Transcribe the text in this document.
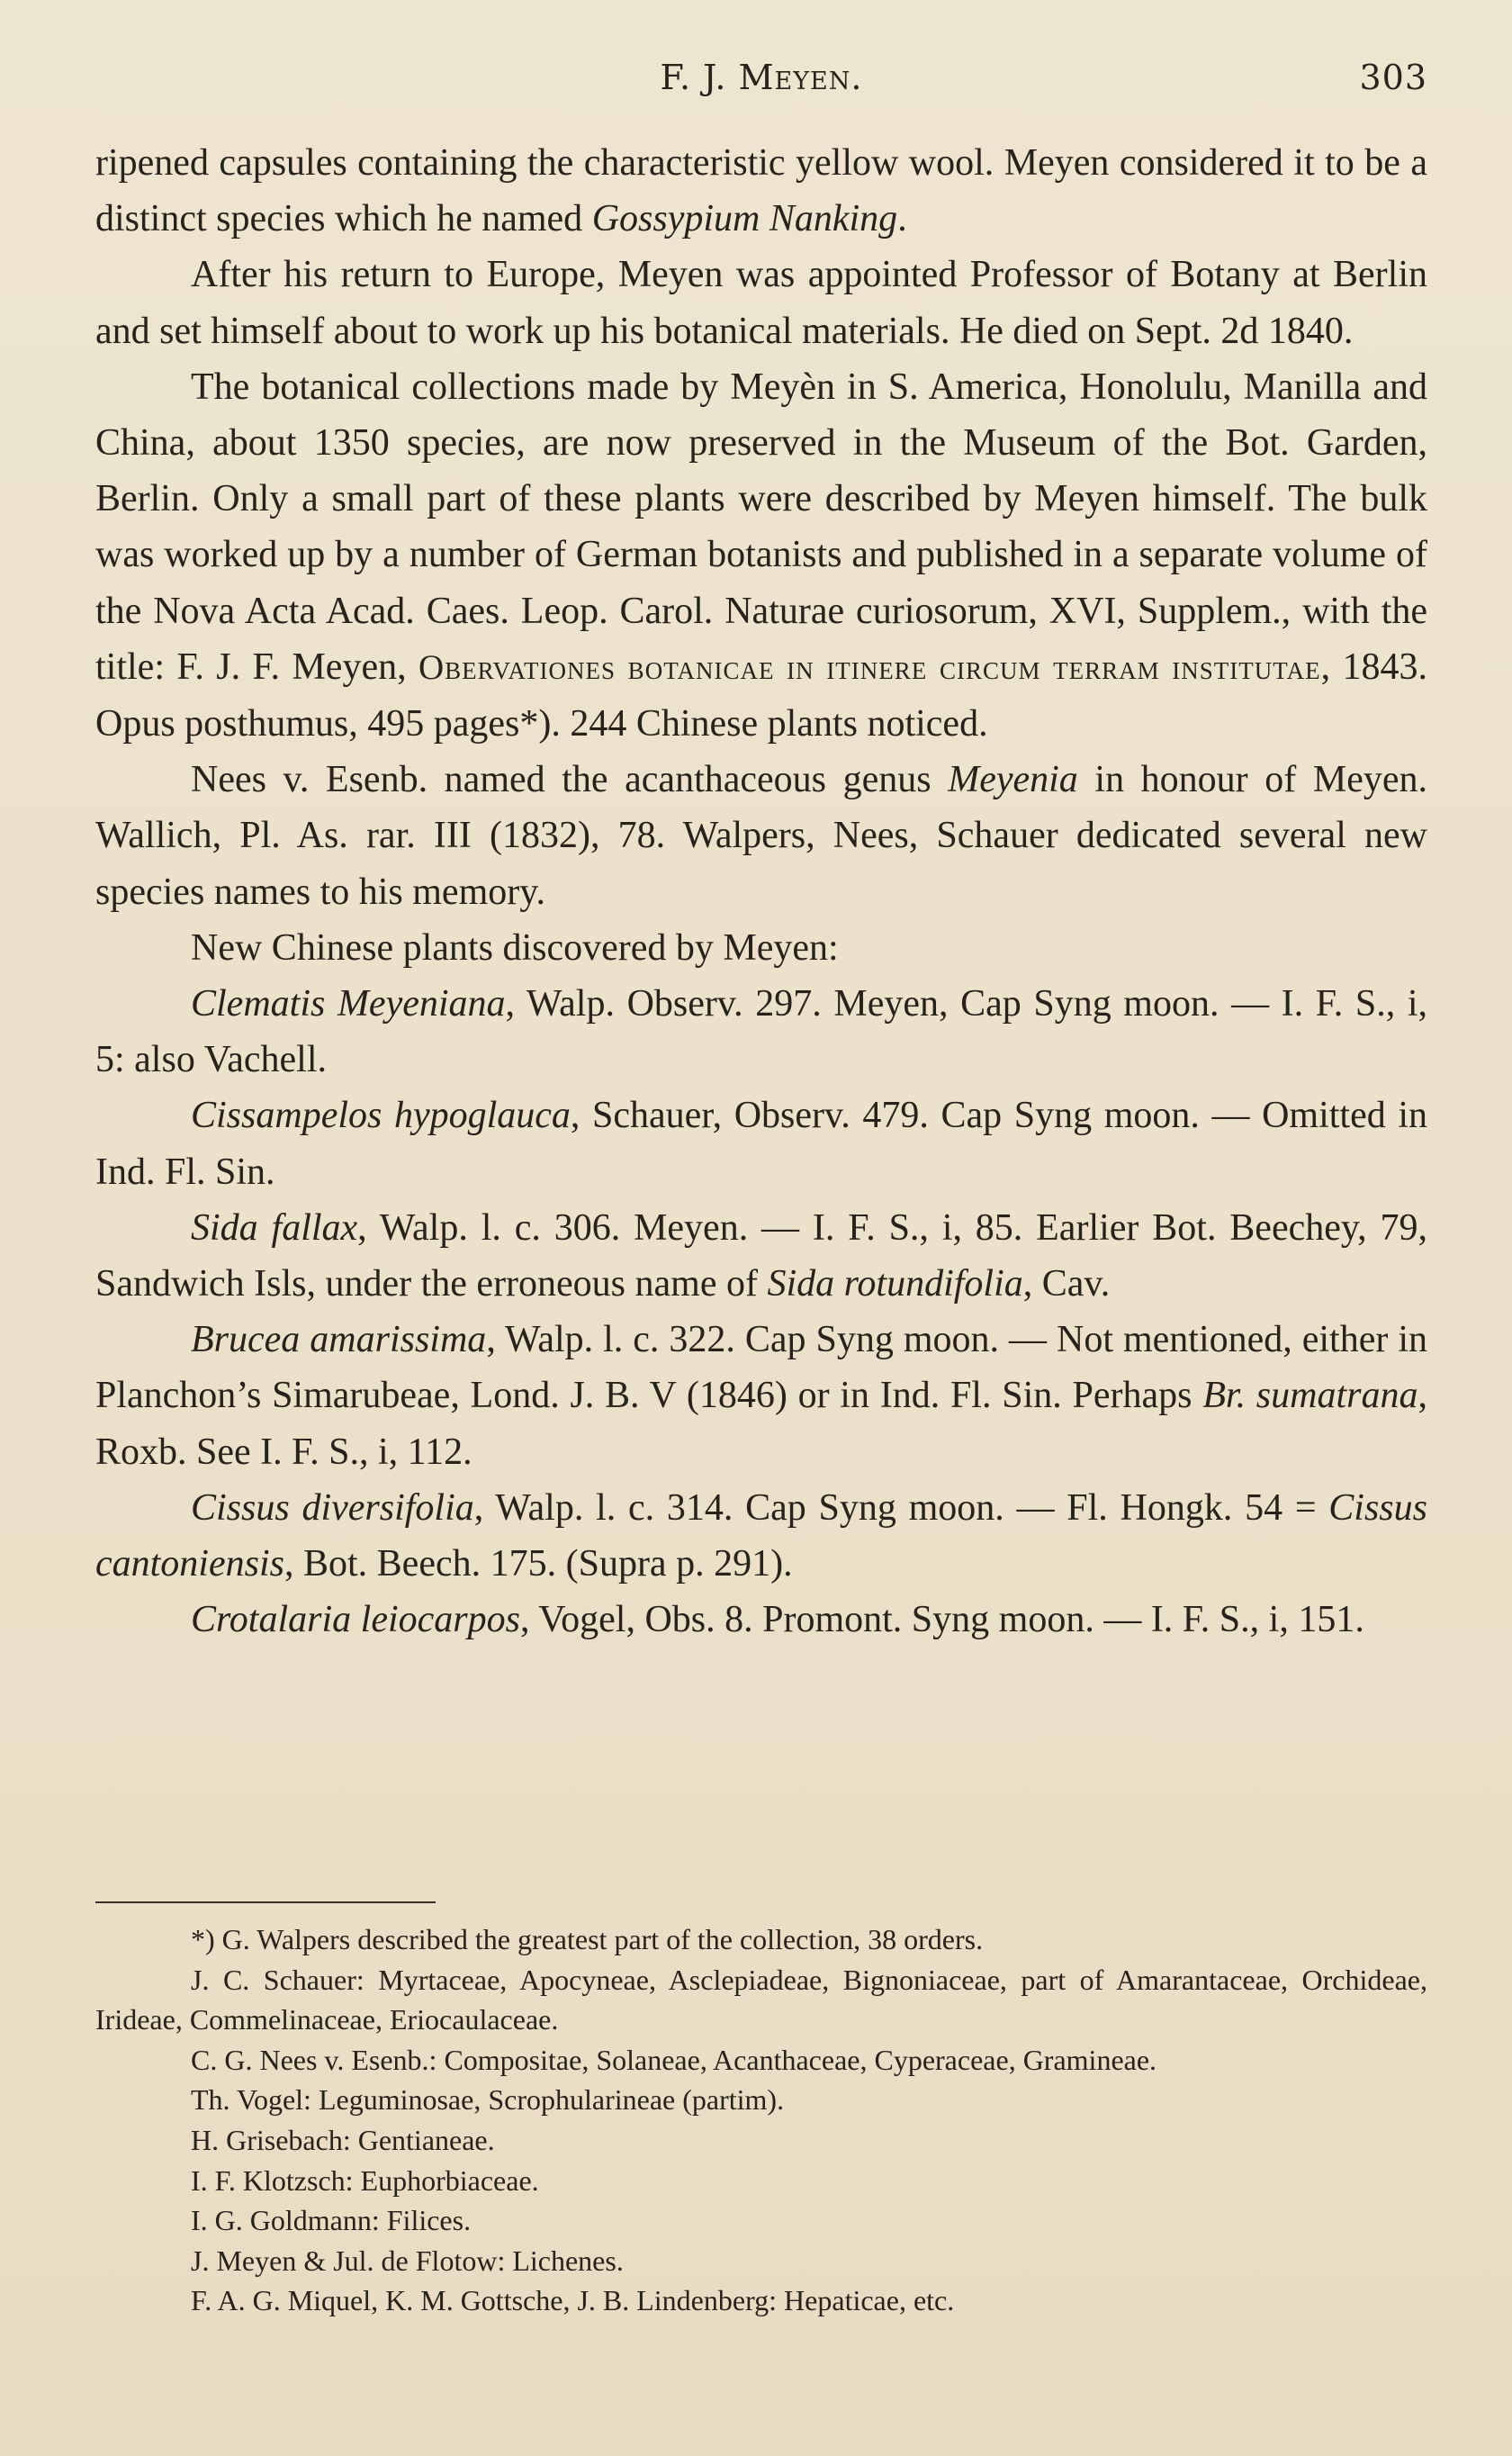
F. J. Meyen.	303

ripened capsules containing the characteristic yellow wool. Meyen considered it to be a distinct species which he named Gossypium Nanking.

After his return to Europe, Meyen was appointed Professor of Botany at Berlin and set himself about to work up his botanical materials. He died on Sept. 2d 1840.

The botanical collections made by Meyèn in S. America, Honolulu, Manilla and China, about 1350 species, are now preserved in the Museum of the Bot. Garden, Berlin. Only a small part of these plants were described by Meyen himself. The bulk was worked up by a number of German botanists and published in a separate volume of the Nova Acta Acad. Caes. Leop. Carol. Naturae curiosorum, XVI, Supplem., with the title: F. J. F. Meyen, Obervationes botanicae in itinere circum terram institutae, 1843. Opus posthumus, 495 pages*). 244 Chinese plants noticed.

Nees v. Esenb. named the acanthaceous genus Meyenia in honour of Meyen. Wallich, Pl. As. rar. III (1832), 78. Walpers, Nees, Schauer dedicated several new species names to his memory.

New Chinese plants discovered by Meyen:

Clematis Meyeniana, Walp. Observ. 297. Meyen, Cap Syng moon. — I. F. S., i, 5: also Vachell.

Cissampelos hypoglauca, Schauer, Observ. 479. Cap Syng moon. — Omitted in Ind. Fl. Sin.

Sida fallax, Walp. l. c. 306. Meyen. — I. F. S., i, 85. Earlier Bot. Beechey, 79, Sandwich Isls, under the erroneous name of Sida rotundifolia, Cav.

Brucea amarissima, Walp. l. c. 322. Cap Syng moon. — Not mentioned, either in Planchon’s Simarubeae, Lond. J. B. V (1846) or in Ind. Fl. Sin. Perhaps Br. sumatrana, Roxb. See I. F. S., i, 112.

Cissus diversifolia, Walp. l. c. 314. Cap Syng moon. — Fl. Hongk. 54 = Cissus cantoniensis, Bot. Beech. 175. (Supra p. 291).

Crotalaria leiocarpos, Vogel, Obs. 8. Promont. Syng moon. — I. F. S., i, 151.

*) G. Walpers described the greatest part of the collection, 38 orders.

J. C. Schauer: Myrtaceae, Apocyneae, Asclepiadeae, Bignoniaceae, part of Amarantaceae, Orchideae, Irideae, Commelinaceae, Eriocaulaceae.

C. G. Nees v. Esenb.: Compositae, Solaneae, Acanthaceae, Cyperaceae, Gramineae.

Th. Vogel: Leguminosae, Scrophularineae (partim).

H. Grisebach: Gentianeae.

I. F. Klotzsch: Euphorbiaceae.

I. G. Goldmann: Filices.

J. Meyen & Jul. de Flotow: Lichenes.

F. A. G. Miquel, K. M. Gottsche, J. B. Lindenberg: Hepaticae, etc.
